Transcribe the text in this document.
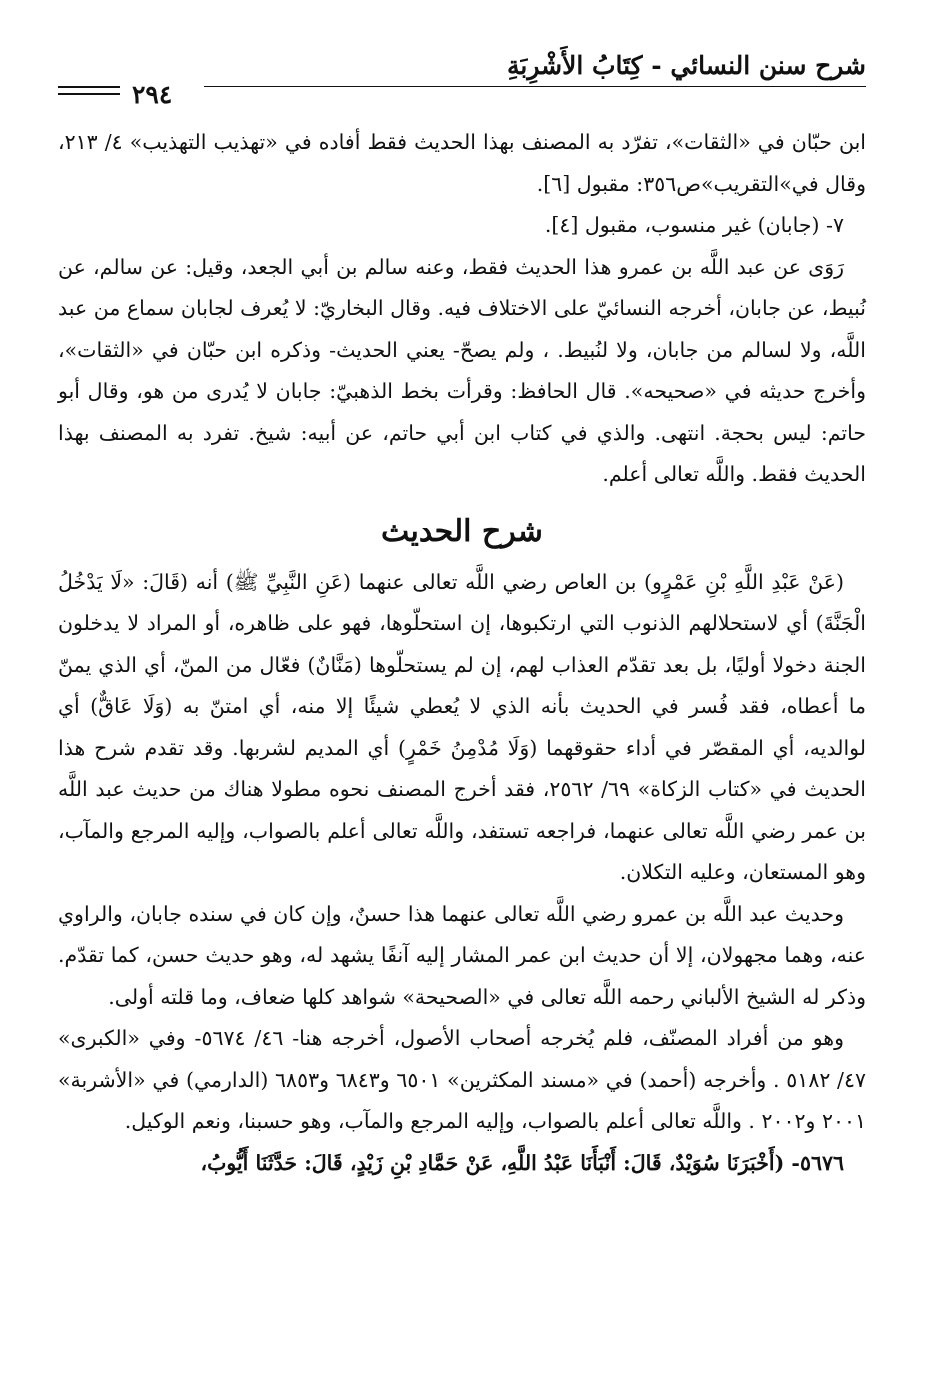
شرح سنن النسائي - كِتَابُ الأَشْرِبَةِ
٢٩٤

ابن حبّان في «الثقات»، تفرّد به المصنف بهذا الحديث فقط أفاده في «تهذيب التهذيب» ٤/ ٢١٣، وقال في»التقريب»ص٣٥٦: مقبول [٦].

٧- (جابان) غير منسوب، مقبول [٤].

رَوَى عن عبد اللَّه بن عمرو هذا الحديث فقط، وعنه سالم بن أبي الجعد، وقيل: عن سالم، عن نُبيط، عن جابان، أخرجه النسائيّ على الاختلاف فيه. وقال البخاريّ: لا يُعرف لجابان سماع من عبد اللَّه، ولا لسالم من جابان، ولا لنُبيط. ، ولم يصحّ- يعني الحديث- وذكره ابن حبّان في «الثقات»، وأخرج حديثه في «صحيحه». قال الحافظ: وقرأت بخط الذهبيّ: جابان لا يُدرى من هو، وقال أبو حاتم: ليس بحجة. انتهى. والذي في كتاب ابن أبي حاتم، عن أبيه: شيخ. تفرد به المصنف بهذا الحديث فقط. واللَّه تعالى أعلم.

شرح الحديث

(عَنْ عَبْدِ اللَّهِ بْنِ عَمْرٍو) بن العاص رضي اللَّه تعالى عنهما (عَنِ النَّبِيِّ ﷺ) أنه (قَالَ: «لَا يَدْخُلُ الْجَنَّةَ) أي لاستحلالهم الذنوب التي ارتكبوها، إن استحلّوها، فهو على ظاهره، أو المراد لا يدخلون الجنة دخولا أوليًا، بل بعد تقدّم العذاب لهم، إن لم يستحلّوها (مَنَّانٌ) فعّال من المنّ، أي الذي يمنّ ما أعطاه، فقد فُسر في الحديث بأنه الذي لا يُعطي شيئًا إلا منه، أي امتنّ به (وَلَا عَاقٌّ) أي لوالديه، أي المقصّر في أداء حقوقهما (وَلَا مُدْمِنُ خَمْرٍ) أي المديم لشربها. وقد تقدم شرح هذا الحديث في «كتاب الزكاة» ٦٩/ ٢٥٦٢، فقد أخرج المصنف نحوه مطولا هناك من حديث عبد اللَّه بن عمر رضي اللَّه تعالى عنهما، فراجعه تستفد، واللَّه تعالى أعلم بالصواب، وإليه المرجع والمآب، وهو المستعان، وعليه التكلان.

وحديث عبد اللَّه بن عمرو رضي اللَّه تعالى عنهما هذا حسنٌ، وإن كان في سنده جابان، والراوي عنه، وهما مجهولان، إلا أن حديث ابن عمر المشار إليه آنفًا يشهد له، وهو حديث حسن، كما تقدّم. وذكر له الشيخ الألباني رحمه اللَّه تعالى في «الصحيحة» شواهد كلها ضعاف، وما قلته أولى.

وهو من أفراد المصنّف، فلم يُخرجه أصحاب الأصول، أخرجه هنا- ٤٦/ ٥٦٧٤- وفي «الكبرى» ٤٧/ ٥١٨٢ . وأخرجه (أحمد) في «مسند المكثرين» ٦٥٠١ و٦٨٤٣ و٦٨٥٣ (الدارمي) في «الأشربة» ٢٠٠١ و٢٠٠٢ . واللَّه تعالى أعلم بالصواب، وإليه المرجع والمآب، وهو حسبنا، ونعم الوكيل.

٥٦٧٦- (أَخْبَرَنَا سُوَيْدٌ، قَالَ: أَنْبَأَنَا عَبْدُ اللَّهِ، عَنْ حَمَّادِ بْنِ زَيْدٍ، قَالَ: حَدَّثَنَا أَيُّوبُ،
